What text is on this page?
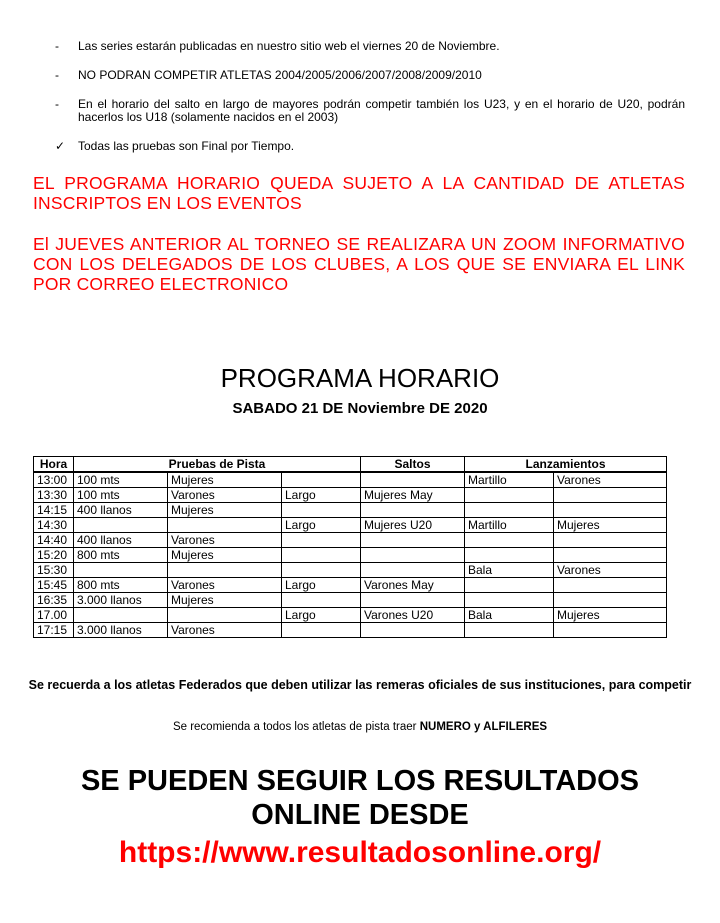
-	Las series estarán publicadas en nuestro sitio web el viernes 20 de Noviembre.
-	NO PODRAN COMPETIR ATLETAS 2004/2005/2006/2007/2008/2009/2010
-	En el horario del salto en largo de mayores podrán competir también los U23, y en el horario de U20, podrán hacerlos los U18 (solamente nacidos en el 2003)
✓	Todas las pruebas son Final por Tiempo.
EL PROGRAMA HORARIO QUEDA SUJETO A LA CANTIDAD DE ATLETAS INSCRIPTOS EN LOS EVENTOS
El JUEVES ANTERIOR AL TORNEO SE REALIZARA UN ZOOM INFORMATIVO CON LOS DELEGADOS DE LOS CLUBES, A LOS QUE SE ENVIARA EL LINK POR CORREO ELECTRONICO
PROGRAMA HORARIO
SABADO 21 DE Noviembre DE 2020
Hora	Pruebas de Pista			Saltos	Lanzamientos	
13:00	100 mts	Mujeres			Martillo	Varones
13:30	100 mts	Varones	Largo	Mujeres May		
14:15	400 llanos	Mujeres				
14:30			Largo	Mujeres U20	Martillo	Mujeres
14:40	400 llanos	Varones				
15:20	800 mts	Mujeres				
15:30					Bala	Varones
15:45	800 mts	Varones	Largo	Varones May		
16:35	3.000 llanos	Mujeres				
17.00			Largo	Varones U20	Bala	Mujeres
17:15	3.000 llanos	Varones				
Se recuerda a los atletas Federados que deben utilizar las remeras oficiales de sus instituciones, para competir
Se recomienda a todos los atletas de pista traer NUMERO y ALFILERES
SE PUEDEN SEGUIR LOS RESULTADOS
ONLINE DESDE
https://www.resultadosonline.org/
